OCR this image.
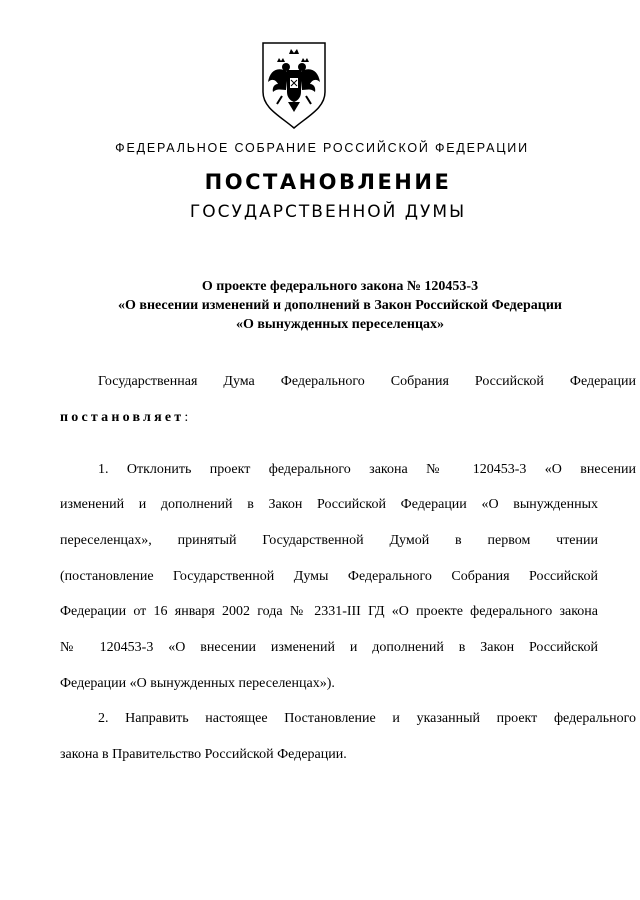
ФЕДЕРАЛЬНОЕ СОБРАНИЕ РОССИЙСКОЙ ФЕДЕРАЦИИ
ПОСТАНОВЛЕНИЕ
ГОСУДАРСТВЕННОЙ ДУМЫ
О проекте федерального закона № 120453-3
«О внесении изменений и дополнений в Закон Российской Федерации
«О вынужденных переселенцах»
Государственная Дума Федерального Собрания Российской Федерации
постановляет:
1. Отклонить проект федерального закона № 120453-3 «О внесении
изменений и дополнений в Закон Российской Федерации «О вынужденных
переселенцах», принятый Государственной Думой в первом чтении
(постановление Государственной Думы Федерального Собрания Российской
Федерации от 16 января 2002 года № 2331-III ГД «О проекте федерального закона
№ 120453-3 «О внесении изменений и дополнений в Закон Российской
Федерации «О вынужденных переселенцах»).
2. Направить настоящее Постановление и указанный проект федерального
закона в Правительство Российской Федерации.
